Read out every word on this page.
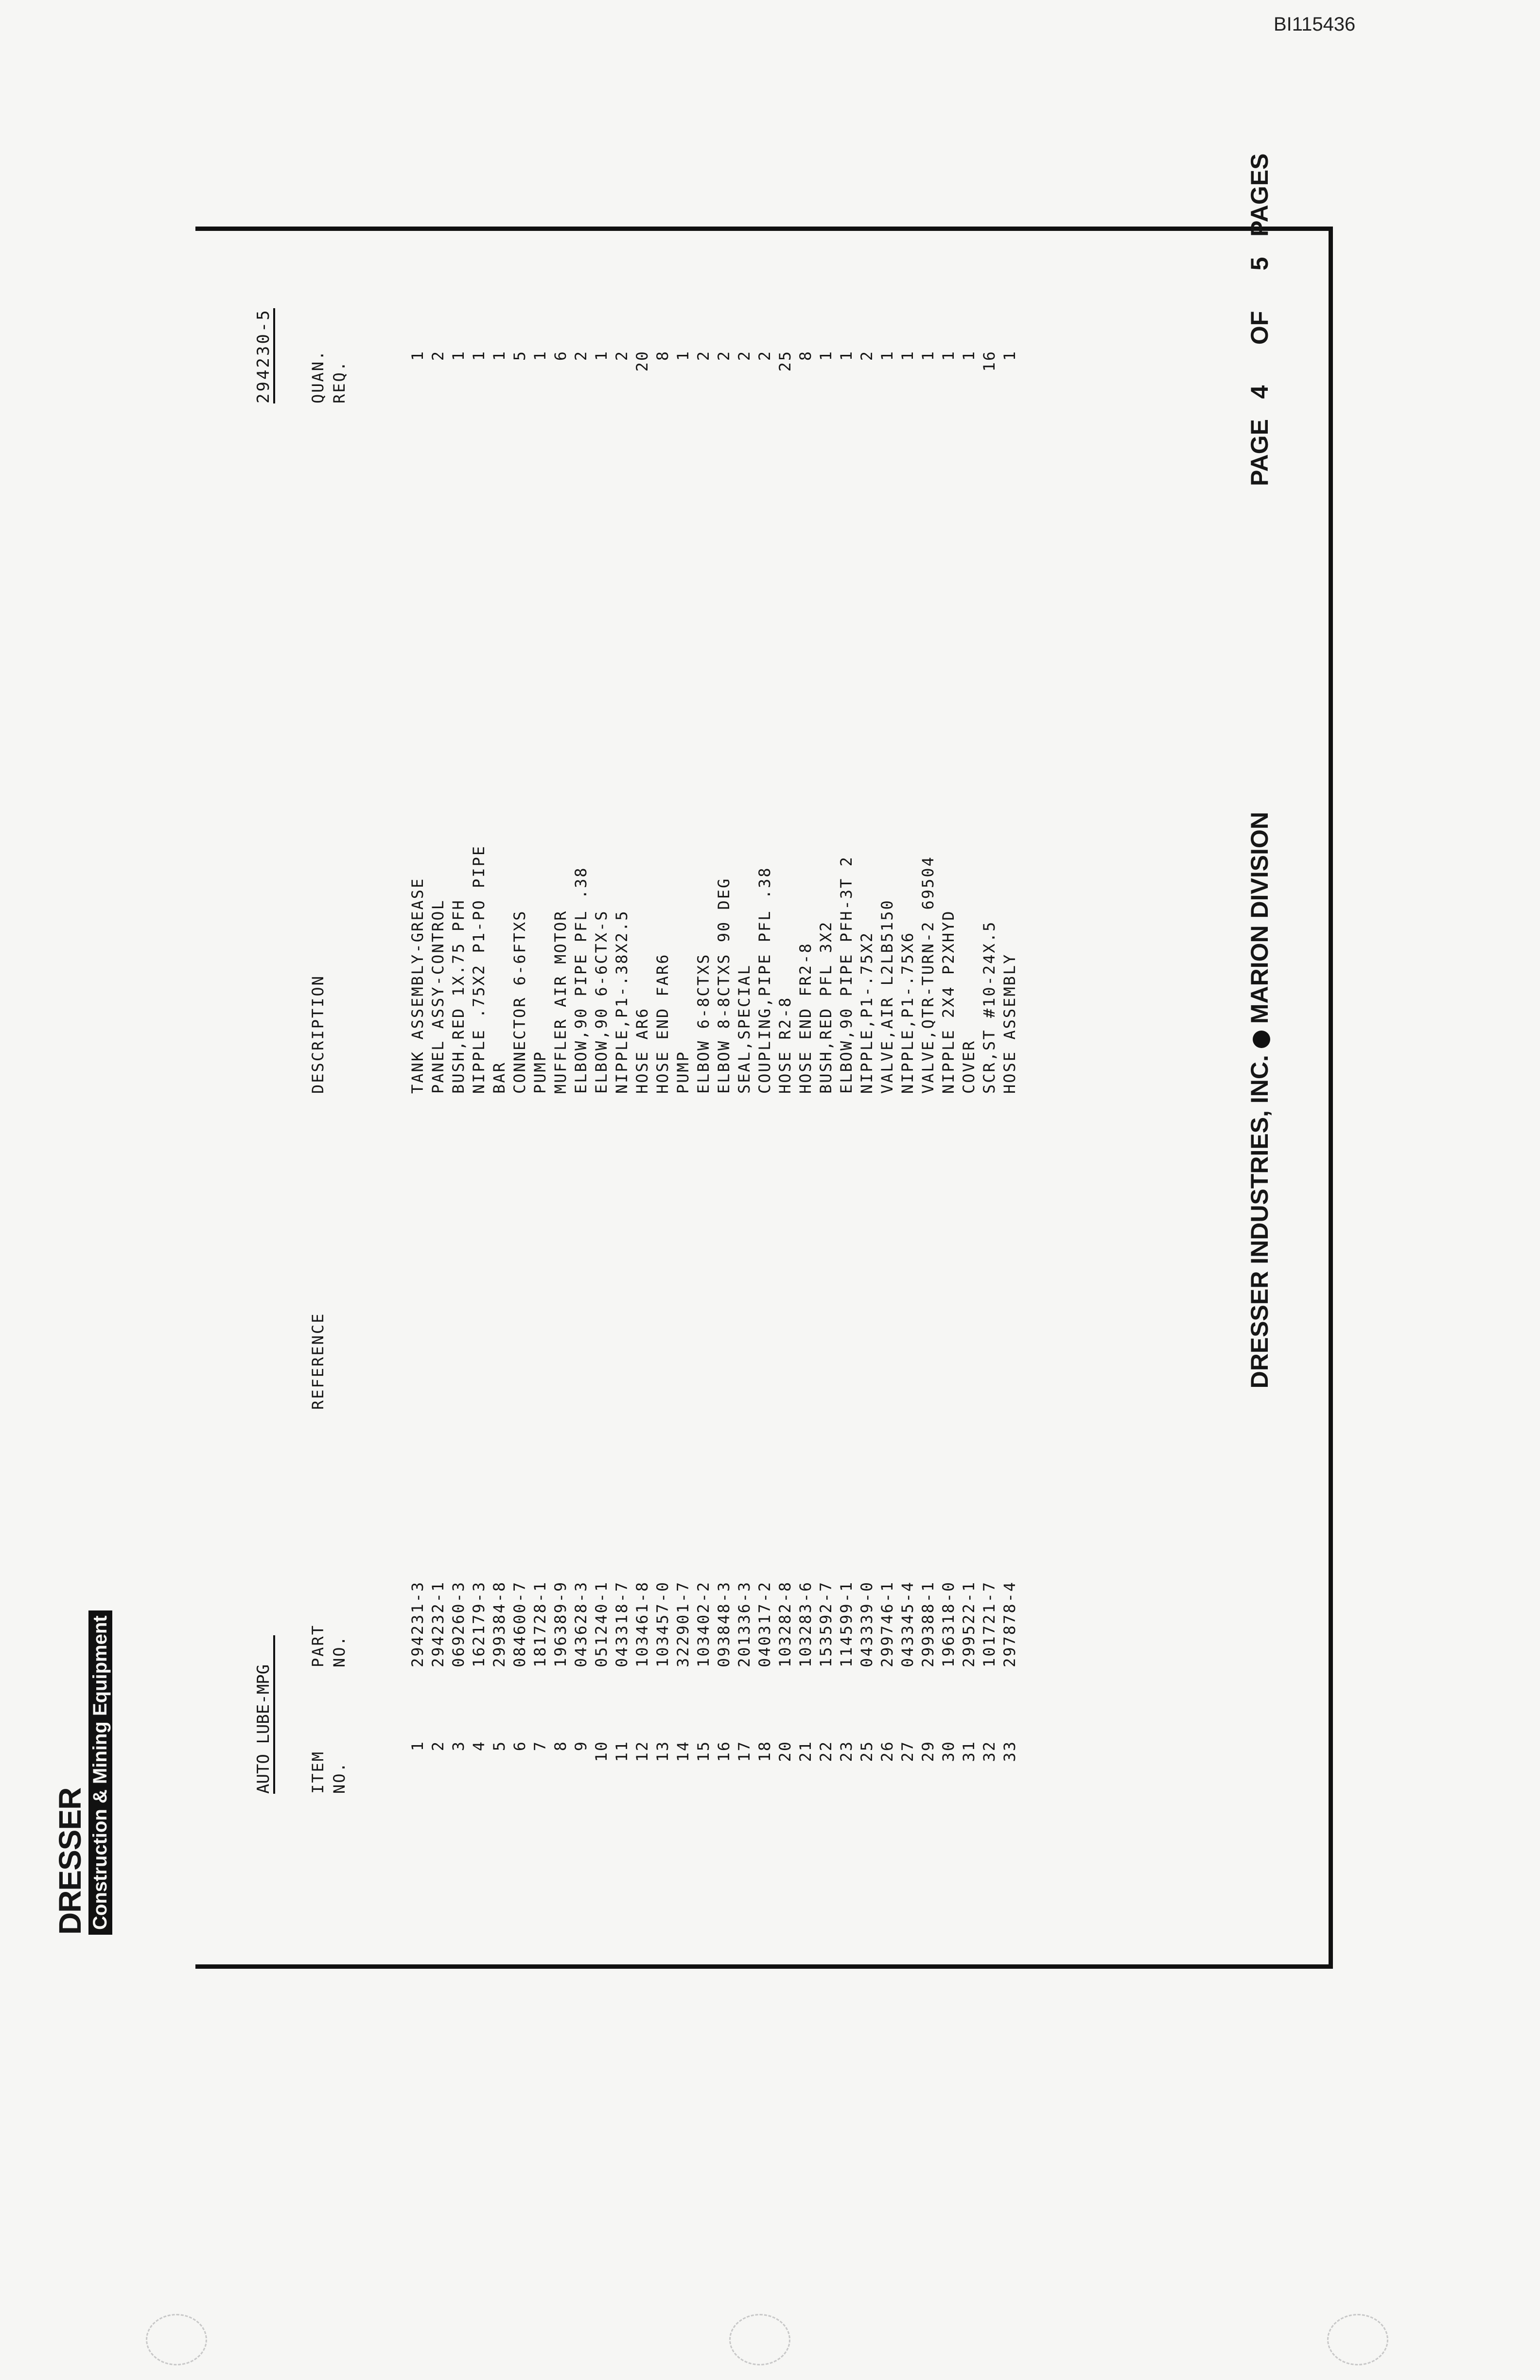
BI115436
DRESSER Construction & Mining Equipment	AUTO LUBE-MPG
294230-5
ITEM
NO.
PART
NO.
REFERENCE
DESCRIPTION
QUAN.
REQ.
1
294231-3
TANK ASSEMBLY-GREASE
1
2
294232-1
PANEL ASSY-CONTROL
2
3
069260-3
BUSH,RED 1X.75 PFH
1
4
162179-3
NIPPLE .75X2 P1-PO PIPE
1
5
299384-8
BAR
1
6
084600-7
CONNECTOR 6-6FTXS
5
7
181728-1
PUMP
1
8
196389-9
MUFFLER AIR MOTOR
6
9
043628-3
ELBOW,90 PIPE PFL .38
2
10
051240-1
ELBOW,90 6-6CTX-S
1
11
043318-7
NIPPLE,P1-.38X2.5
2
12
103461-8
HOSE AR6
20
13
103457-0
HOSE END FAR6
8
14
322901-7
PUMP
1
15
103402-2
ELBOW 6-8CTXS
2
16
093848-3
ELBOW 8-8CTXS 90 DEG
2
17
201336-3
SEAL,SPECIAL
2
18
040317-2
COUPLING,PIPE PFL .38
2
20
103282-8
HOSE R2-8
25
21
103283-6
HOSE END FR2-8
8
22
153592-7
BUSH,RED PFL 3X2
1
23
114599-1
ELBOW,90 PIPE PFH-3T 2
1
25
043339-0
NIPPLE,P1-.75X2
2
26
299746-1
VALVE,AIR L2LB5150
1
27
043345-4
NIPPLE,P1-.75X6
1
29
299388-1
VALVE,QTR-TURN-2 69504
1
30
196318-0
NIPPLE 2X4 P2XHYD
1
31
299522-1
COVER
1
32
101721-7
SCR,ST #10-24X.5
16
33
297878-4
HOSE ASSEMBLY
1
DRESSER INDUSTRIES, INC.MARION DIVISION
PAGE   4      OF      5   PAGES
